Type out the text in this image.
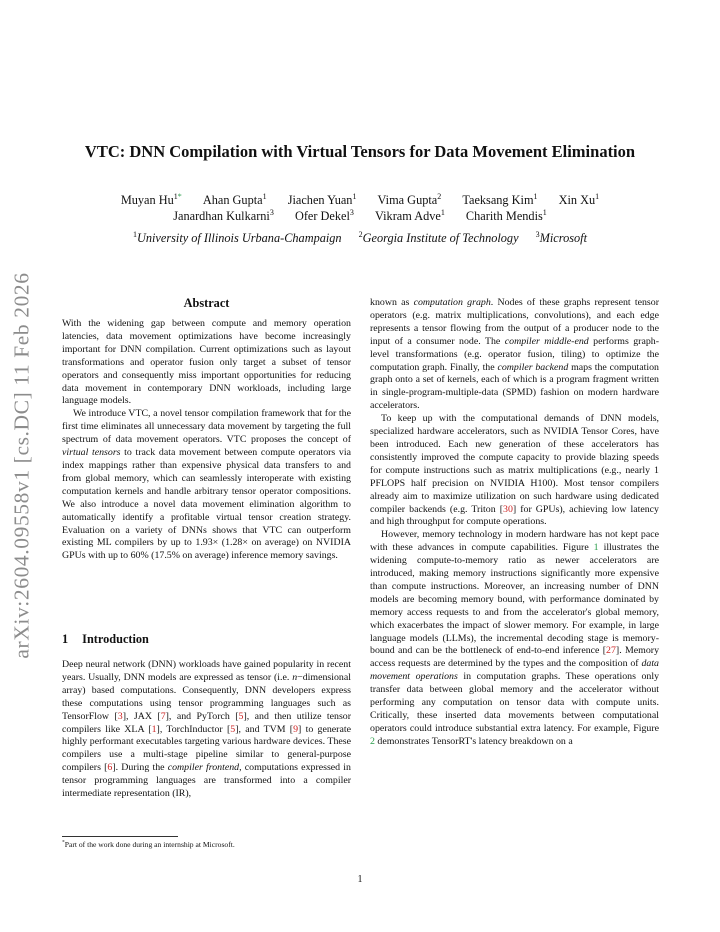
arXiv:2604.09558v1 [cs.DC] 11 Feb 2026
VTC: DNN Compilation with Virtual Tensors for Data Movement Elimination
Muyan $Hu^{1*}$ Ahan Gupta$^1$ Jiachen Yuan$^1$ Vima Gupta$^2$ Taeksang Kim$^1$ Xin Xu$^1$
Janardhan Kulkarni$^3$ Ofer Dekel$^3$ Vikram Adve$^1$ Charith Mendis$^1$
$^1$University of Illinois Urbana-Champaign $^2$Georgia Institute of Technology $^3$Microsoft
Abstract

With the widening gap between compute and memory operation latencies, data movement optimizations have become increasingly important for DNN compilation. Current optimizations such as layout transformations and operator fusion only target a subset of tensor operators and consequently miss important opportunities for reducing data movement in contemporary DNN workloads, including large language models.

We introduce VTC, a novel tensor compilation framework that for the first time eliminates all unnecessary data movement by targeting the full spectrum of data movement operators. VTC proposes the concept of virtual tensors to track data movement between compute operators via index mappings rather than expensive physical data transfers to and from global memory, which can seamlessly interoperate with existing computation kernels and handle arbitrary tensor operator compositions. We also introduce a novel data movement elimination algorithm to automatically identify a profitable virtual tensor creation strategy. Evaluation on a variety of DNNs shows that VTC can outperform existing ML compilers by up to 1.93× (1.28× on average) on NVIDIA GPUs with up to 60% (17.5% on average) inference memory savings.

1 Introduction

Deep neural network (DNN) workloads have gained popularity in recent years. Usually, DNN models are expressed as tensor (i.e. n−dimensional array) based computations. Consequently, DNN developers express these computations using tensor programming languages such as TensorFlow [3], JAX [7], and PyTorch [5], and then utilize tensor compilers like XLA [1], TorchInductor [5], and TVM [9] to generate highly performant executables targeting various hardware devices. These compilers use a multi-stage pipeline similar to general-purpose compilers [6]. During the compiler frontend, computations expressed in tensor programming languages are transformed into a compiler intermediate representation (IR),

*Part of the work done during an internship at Microsoft.

known as computation graph. Nodes of these graphs represent tensor operators (e.g. matrix multiplications, convolutions), and each edge represents a tensor flowing from the output of a producer node to the input of a consumer node. The compiler middle-end performs graph-level transformations (e.g. operator fusion, tiling) to optimize the computation graph. Finally, the compiler backend maps the computation graph onto a set of kernels, each of which is a program fragment written in single-program-multiple-data (SPMD) fashion on modern hardware accelerators.

To keep up with the computational demands of DNN models, specialized hardware accelerators, such as NVIDIA Tensor Cores, have been introduced. Each new generation of these accelerators has consistently improved the compute capacity to provide blazing speeds for compute instructions such as matrix multiplications (e.g., nearly 1 PFLOPS half precision on NVIDIA H100). Most tensor compilers already aim to maximize utilization on such hardware using dedicated compiler backends (e.g. Triton [30] for GPUs), achieving low latency and high throughput for compute operations.

However, memory technology in modern hardware has not kept pace with these advances in compute capabilities. Figure 1 illustrates the widening compute-to-memory ratio as newer accelerators are introduced, making memory instructions significantly more expensive than compute instructions. Moreover, an increasing number of DNN models are becoming memory bound, with performance dominated by memory access requests to and from the accelerator's global memory, which exacerbates the impact of slower memory. For example, in large language models (LLMs), the incremental decoding stage is memory-bound and can be the bottleneck of end-to-end inference [27]. Memory access requests are determined by the types and the composition of data movement operations in computation graphs. These operations only transfer data between global memory and the accelerator without performing any computation on tensor data with compute units. Critically, these inserted data movements between computational operators could introduce substantial extra latency. For example, Figure 2 demonstrates TensorRT's latency breakdown on a

1
